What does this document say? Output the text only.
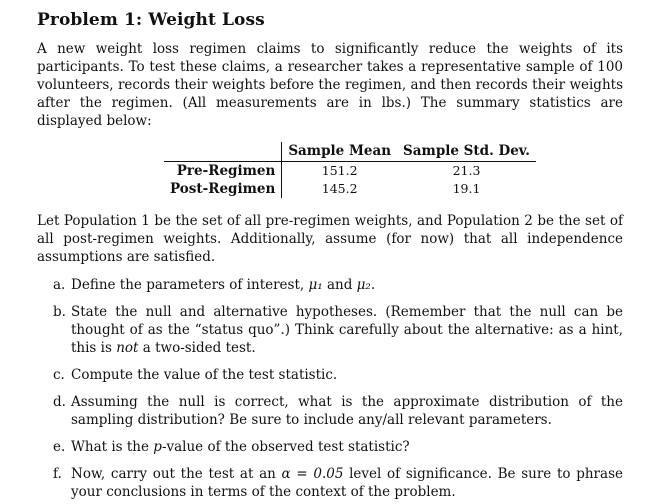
Problem 1: Weight Loss

A new weight loss regimen claims to significantly reduce the weights of its participants. To test these claims, a researcher takes a representative sample of 100 volunteers, records their weights before the regimen, and then records their weights after the regimen. (All measurements are in lbs.) The summary statistics are displayed below:

	Sample Mean	Sample Std. Dev.
Pre-Regimen	151.2	21.3
Post-Regimen	145.2	19.1

Let Population 1 be the set of all pre-regimen weights, and Population 2 be the set of all post-regimen weights. Additionally, assume (for now) that all independence assumptions are satisfied.

a. Define the parameters of interest, μ₁ and μ₂.
b. State the null and alternative hypotheses. (Remember that the null can be thought of as the “status quo”.) Think carefully about the alternative: as a hint, this is not a two-sided test.
c. Compute the value of the test statistic.
d. Assuming the null is correct, what is the approximate distribution of the sampling distribution? Be sure to include any/all relevant parameters.
e. What is the p-value of the observed test statistic?
f. Now, carry out the test at an α = 0.05 level of significance. Be sure to phrase your conclusions in terms of the context of the problem.
